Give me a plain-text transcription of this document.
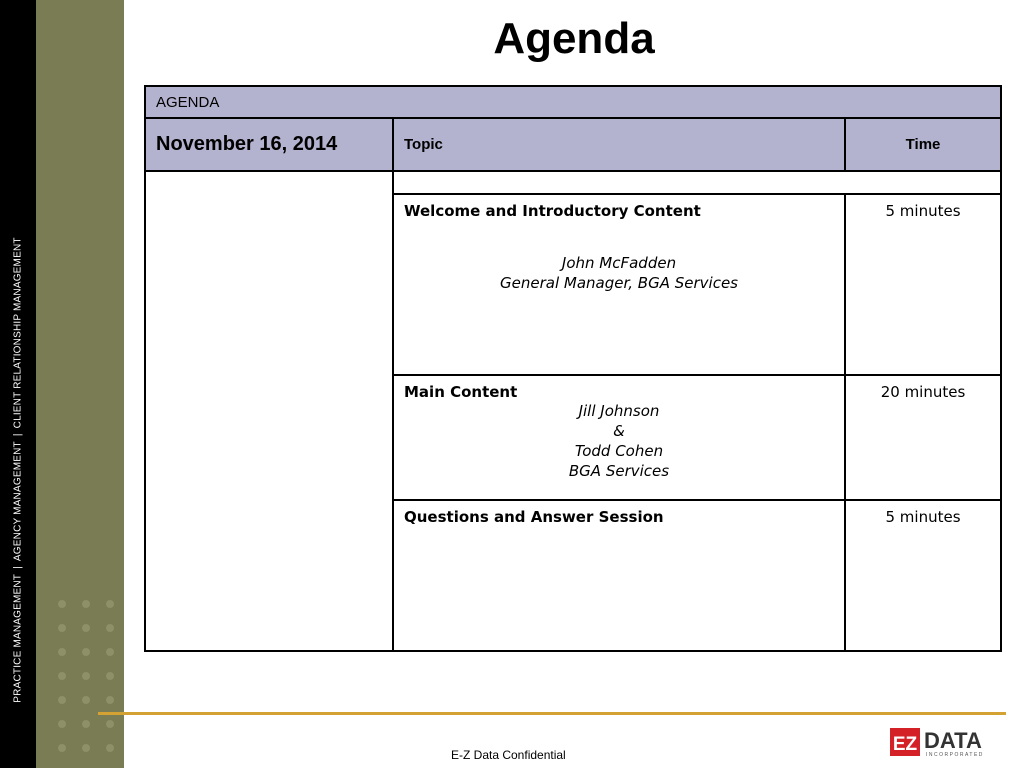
PRACTICE MANAGEMENT|AGENCY MANAGEMENT|CLIENT RELATIONSHIP MANAGEMENT
Agenda
AGENDA		
November 16, 2014	Topic	Time

	Welcome and Introductory Content
John McFadden
General Manager, BGA Services	5 minutes

	Main Content
Jill Johnson
&
Todd Cohen
BGA Services	20 minutes

	Questions and Answer Session	5 minutes
E-Z Data Confidential	EZ DATA
INCORPORATED
